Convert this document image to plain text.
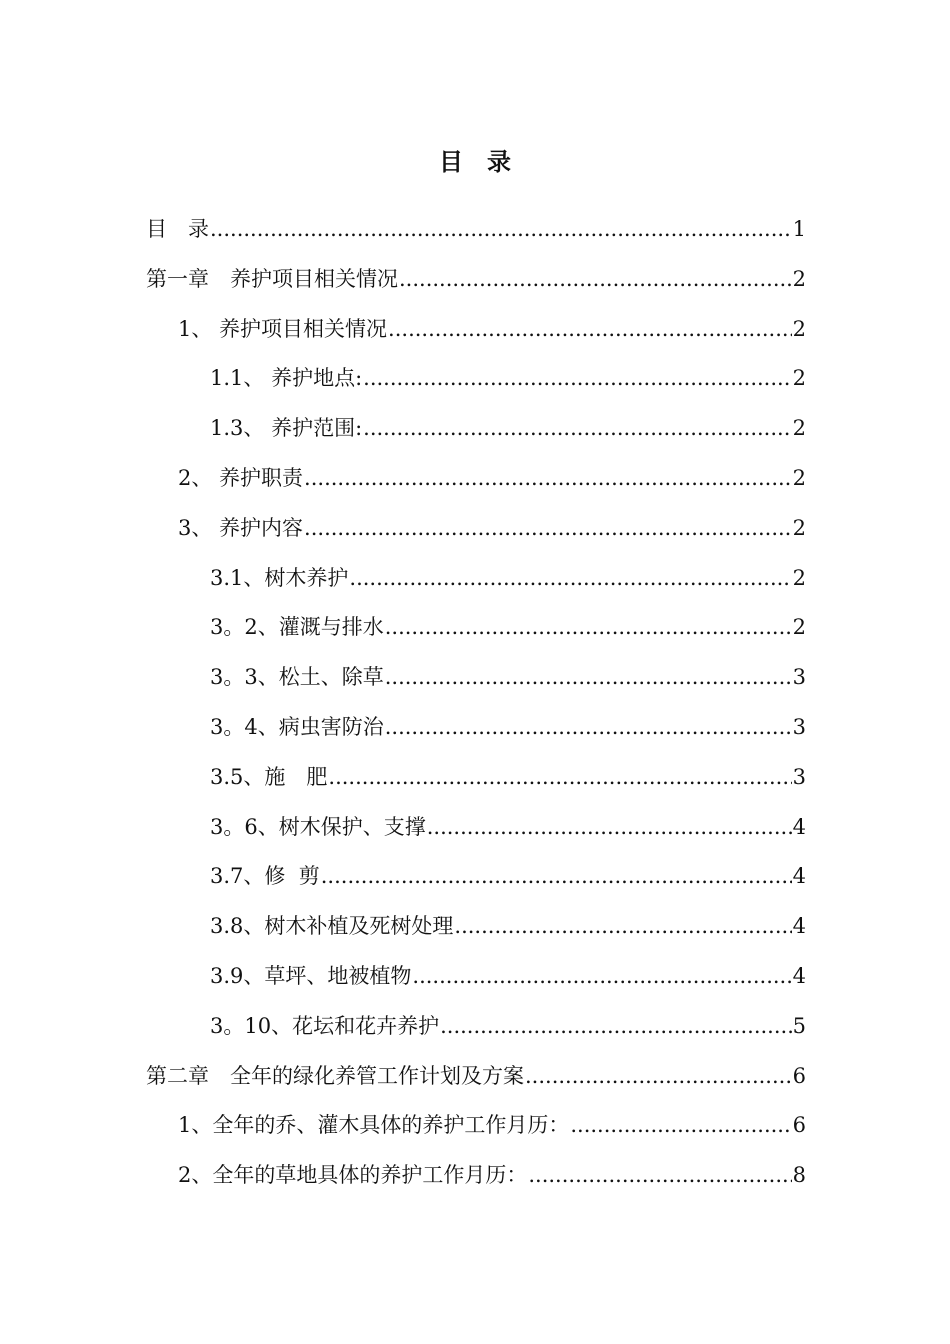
目　录
目　录 .....	1
第一章　养护项目相关情况 .....	2
1、 养护项目相关情况 .....	2
1.1、 养护地点: .....	2
1.3、 养护范围: .....	2
2、 养护职责 .....	2
3、 养护内容 .....	2
3.1、树木养护 .....	2
3。2、灌溉与排水 .....	2
3。3、松土、除草 .....	3
3。4、病虫害防治 .....	3
3.5、施　肥 .....	3
3。6、树木保护、支撑 .....	4
3.7、修  剪 .....	4
3.8、树木补植及死树处理 .....	4
3.9、草坪、地被植物 .....	4
3。10、花坛和花卉养护 .....	5
第二章　全年的绿化养管工作计划及方案 .....	6
1、全年的乔、灌木具体的养护工作月历： .....	6
2、全年的草地具体的养护工作月历： .....	8
